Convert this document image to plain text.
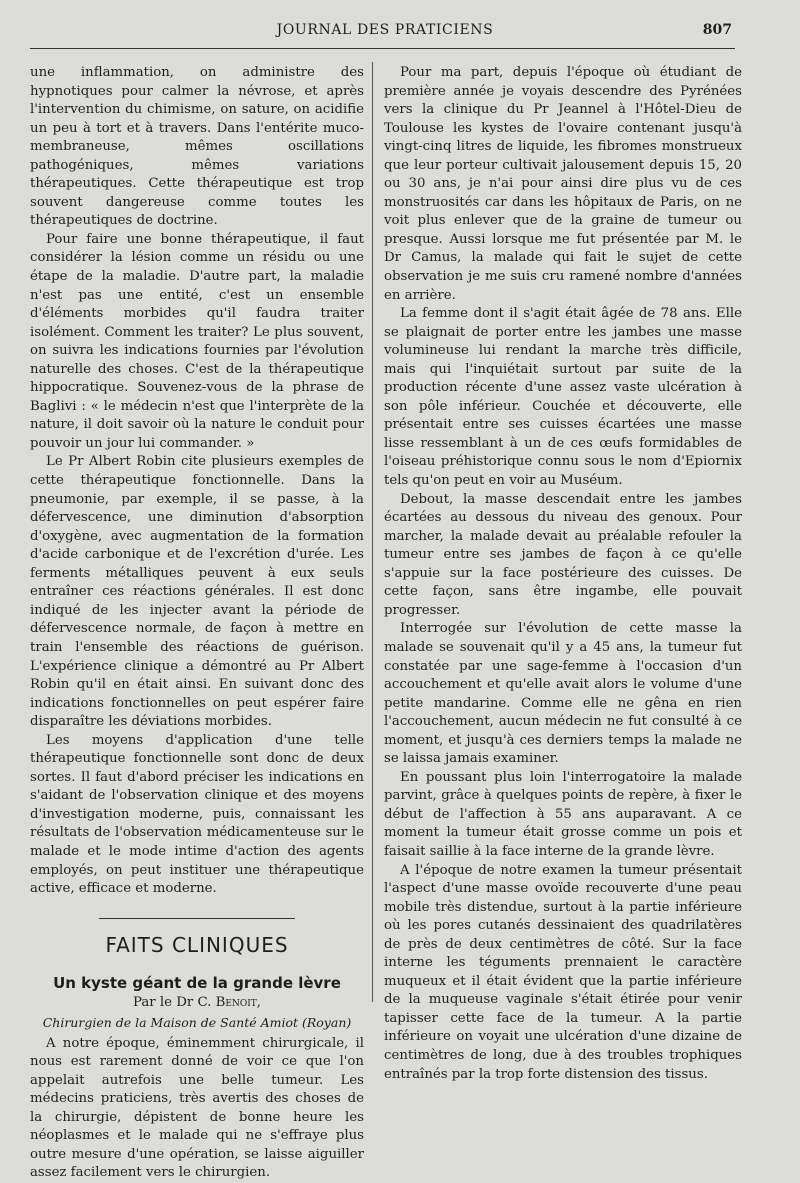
JOURNAL DES PRATICIENS	807

une inflammation, on administre des hypnotiques pour calmer la névrose, et après l'intervention du chimisme, on sature, on acidifie un peu à tort et à travers. Dans l'entérite muco-membraneuse, mêmes oscillations pathogéniques, mêmes variations thérapeutiques. Cette thérapeutique est trop souvent dangereuse comme toutes les thérapeutiques de doctrine.

Pour faire une bonne thérapeutique, il faut considérer la lésion comme un résidu ou une étape de la maladie. D'autre part, la maladie n'est pas une entité, c'est un ensemble d'éléments morbides qu'il faudra traiter isolément. Comment les traiter? Le plus souvent, on suivra les indications fournies par l'évolution naturelle des choses. C'est de la thérapeutique hippocratique. Souvenez-vous de la phrase de Baglivi : « le médecin n'est que l'interprète de la nature, il doit savoir où la nature le conduit pour pouvoir un jour lui commander. »

Le Pr Albert Robin cite plusieurs exemples de cette thérapeutique fonctionnelle. Dans la pneumonie, par exemple, il se passe, à la défervescence, une diminution d'absorption d'oxygène, avec augmentation de la formation d'acide carbonique et de l'excrétion d'urée. Les ferments métalliques peuvent à eux seuls entraîner ces réactions générales. Il est donc indiqué de les injecter avant la période de défervescence normale, de façon à mettre en train l'ensemble des réactions de guérison. L'expérience clinique a démontré au Pr Albert Robin qu'il en était ainsi. En suivant donc des indications fonctionnelles on peut espérer faire disparaître les déviations morbides.

Les moyens d'application d'une telle thérapeutique fonctionnelle sont donc de deux sortes. Il faut d'abord préciser les indications en s'aidant de l'observation clinique et des moyens d'investigation moderne, puis, connaissant les résultats de l'observation médicamenteuse sur le malade et le mode intime d'action des agents employés, on peut instituer une thérapeutique active, efficace et moderne.

FAITS CLINIQUES
Un kyste géant de la grande lèvre
Par le Dr C. Benoit,
Chirurgien de la Maison de Santé Amiot (Royan)

A notre époque, éminemment chirurgicale, il nous est rarement donné de voir ce que l'on appelait autrefois une belle tumeur. Les médecins praticiens, très avertis des choses de la chirurgie, dépistent de bonne heure les néoplasmes et le malade qui ne s'effraye plus outre mesure d'une opération, se laisse aiguiller assez facilement vers le chirurgien.

Pour ma part, depuis l'époque où étudiant de première année je voyais descendre des Pyrénées vers la clinique du Pr Jeannel à l'Hôtel-Dieu de Toulouse les kystes de l'ovaire contenant jusqu'à vingt-cinq litres de liquide, les fibromes monstrueux que leur porteur cultivait jalousement depuis 15, 20 ou 30 ans, je n'ai pour ainsi dire plus vu de ces monstruosités car dans les hôpitaux de Paris, on ne voit plus enlever que de la graine de tumeur ou presque. Aussi lorsque me fut présentée par M. le Dr Camus, la malade qui fait le sujet de cette observation je me suis cru ramené nombre d'années en arrière.

La femme dont il s'agit était âgée de 78 ans. Elle se plaignait de porter entre les jambes une masse volumineuse lui rendant la marche très difficile, mais qui l'inquiétait surtout par suite de la production récente d'une assez vaste ulcération à son pôle inférieur. Couchée et découverte, elle présentait entre ses cuisses écartées une masse lisse ressemblant à un de ces œufs formidables de l'oiseau préhistorique connu sous le nom d'Epiornix tels qu'on peut en voir au Muséum.

Debout, la masse descendait entre les jambes écartées au dessous du niveau des genoux. Pour marcher, la malade devait au préalable refouler la tumeur entre ses jambes de façon à ce qu'elle s'appuie sur la face postérieure des cuisses. De cette façon, sans être ingambe, elle pouvait progresser.

Interrogée sur l'évolution de cette masse la malade se souvenait qu'il y a 45 ans, la tumeur fut constatée par une sage-femme à l'occasion d'un accouchement et qu'elle avait alors le volume d'une petite mandarine. Comme elle ne gêna en rien l'accouchement, aucun médecin ne fut consulté à ce moment, et jusqu'à ces derniers temps la malade ne se laissa jamais examiner.

En poussant plus loin l'interrogatoire la malade parvint, grâce à quelques points de repère, à fixer le début de l'affection à 55 ans auparavant. A ce moment la tumeur était grosse comme un pois et faisait saillie à la face interne de la grande lèvre.

A l'époque de notre examen la tumeur présentait l'aspect d'une masse ovoïde recouverte d'une peau mobile très distendue, surtout à la partie inférieure où les pores cutanés dessinaient des quadrilatères de près de deux centimètres de côté. Sur la face interne les téguments prennaient le caractère muqueux et il était évident que la partie inférieure de la muqueuse vaginale s'était étirée pour venir tapisser cette face de la tumeur. A la partie inférieure on voyait une ulcération d'une dizaine de centimètres de long, due à des troubles trophiques entraînés par la trop forte distension des tissus.
